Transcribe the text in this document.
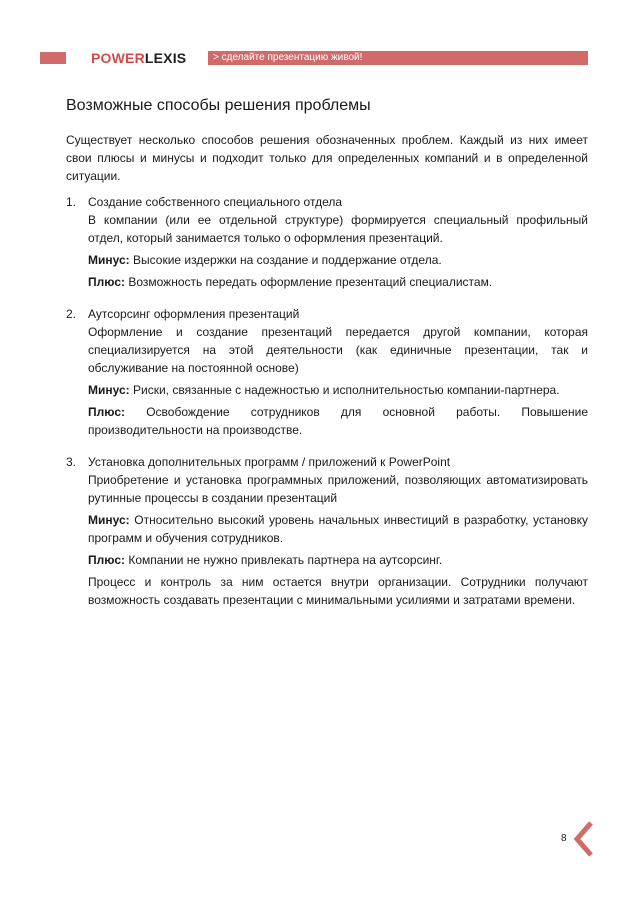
POWERLEXIS	> сделайте презентацию живой!
Возможные способы решения проблемы

Существует несколько способов решения обозначенных проблем. Каждый из них имеет свои плюсы и минусы и подходит только для определенных компаний и в определенной ситуации.

1. Создание собственного специального отдела

В компании (или ее отдельной структуре) формируется специальный профильный отдел, который занимается только о оформления презентаций.

Минус: Высокие издержки на создание и поддержание отдела.

Плюс: Возможность передать оформление презентаций специалистам.

2. Аутсорсинг оформления презентаций

Оформление и создание презентаций передается другой компании, которая специализируется на этой деятельности (как единичные презентации, так и обслуживание на постоянной основе)

Минус: Риски, связанные с надежностью и исполнительностью компании-партнера.

Плюс: Освобождение сотрудников для основной работы. Повышение производительности на производстве.

3. Установка дополнительных программ / приложений к PowerPoint

Приобретение и установка программных приложений, позволяющих автоматизировать рутинные процессы в создании презентаций

Минус: Относительно высокий уровень начальных инвестиций в разработку, установку программ и обучения сотрудников.

Плюс: Компании не нужно привлекать партнера на аутсорсинг.

Процесс и контроль за ним остается внутри организации. Сотрудники получают возможность создавать презентации с минимальными усилиями и затратами времени.

8
